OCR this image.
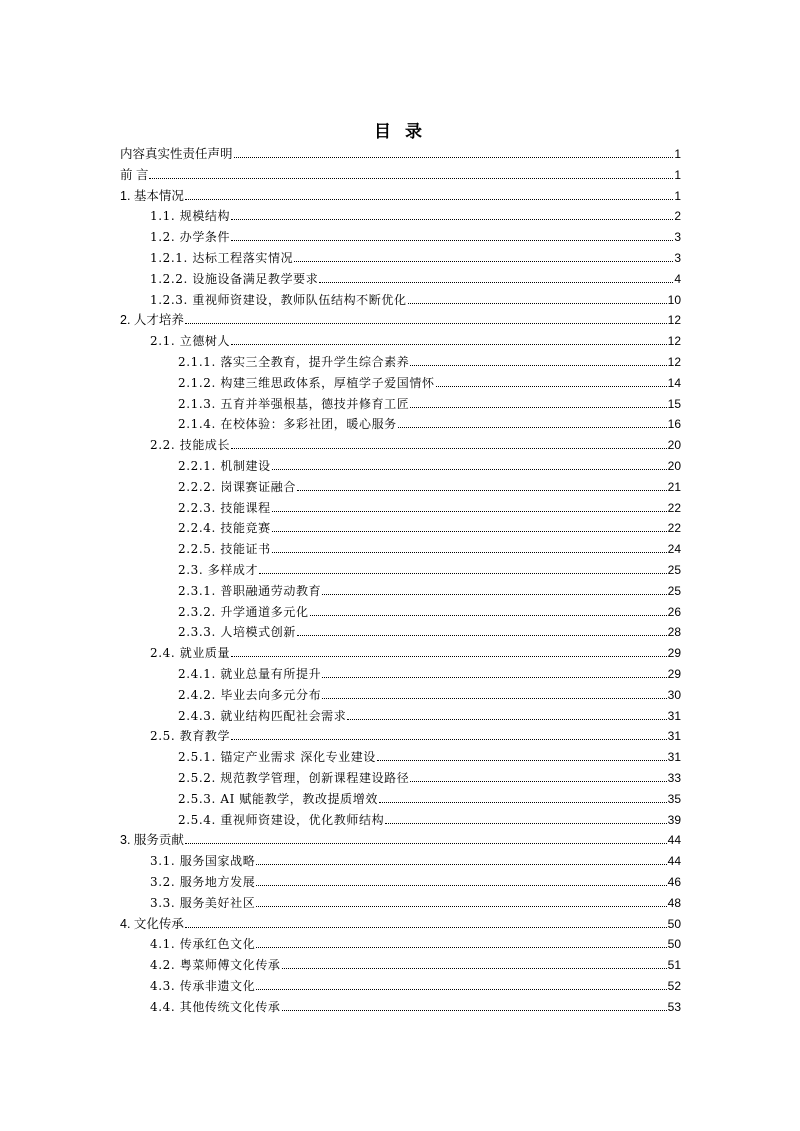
目 录
内容真实性责任声明	1
前 言	1
1. 基本情况	1
1.1. 规模结构	2
1.2. 办学条件	3
1.2.1. 达标工程落实情况	3
1.2.2. 设施设备满足教学要求	4
1.2.3. 重视师资建设，教师队伍结构不断优化	10
2. 人才培养	12
2.1. 立德树人	12
2.1.1. 落实三全教育，提升学生综合素养	12
2.1.2. 构建三维思政体系，厚植学子爱国情怀	14
2.1.3. 五育并举强根基，德技并修育工匠	15
2.1.4. 在校体验：多彩社团，暖心服务	16
2.2. 技能成长	20
2.2.1. 机制建设	20
2.2.2. 岗课赛证融合	21
2.2.3. 技能课程	22
2.2.4. 技能竞赛	22
2.2.5. 技能证书	24
2.3. 多样成才	25
2.3.1. 普职融通劳动教育	25
2.3.2. 升学通道多元化	26
2.3.3. 人培模式创新	28
2.4. 就业质量	29
2.4.1. 就业总量有所提升	29
2.4.2. 毕业去向多元分布	30
2.4.3. 就业结构匹配社会需求	31
2.5. 教育教学	31
2.5.1. 锚定产业需求 深化专业建设	31
2.5.2. 规范教学管理，创新课程建设路径	33
2.5.3. AI 赋能教学，教改提质增效	35
2.5.4. 重视师资建设，优化教师结构	39
3. 服务贡献	44
3.1. 服务国家战略	44
3.2. 服务地方发展	46
3.3. 服务美好社区	48
4. 文化传承	50
4.1. 传承红色文化	50
4.2. 粤菜师傅文化传承	51
4.3. 传承非遗文化	52
4.4. 其他传统文化传承	53
